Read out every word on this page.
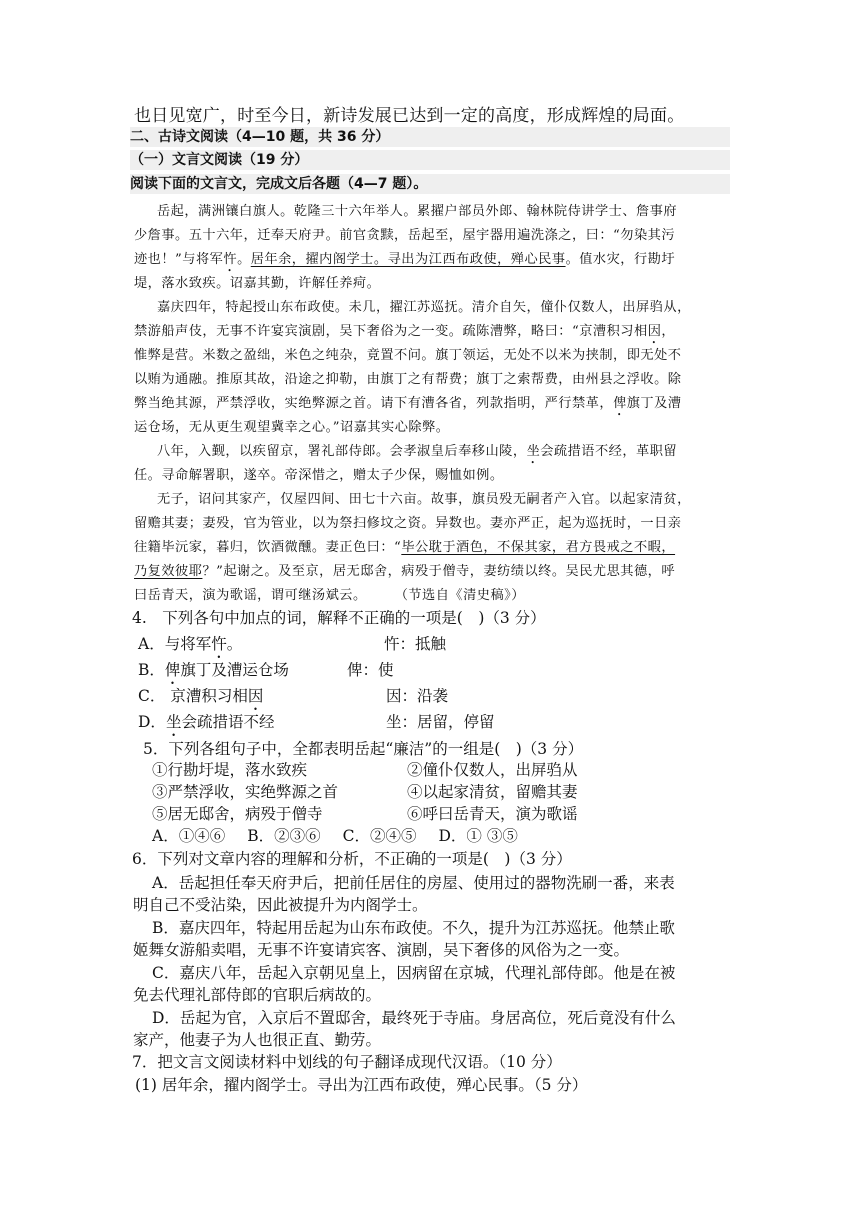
也日见宽广，时至今日，新诗发展已达到一定的高度，形成辉煌的局面。
二、古诗文阅读（4—10 题，共 36 分）
（一）文言文阅读（19 分）
阅读下面的文言文，完成文后各题（4—7 题）。
岳起，满洲镶白旗人。乾隆三十六年举人。累擢户部员外郎、翰林院侍讲学士、詹事府
少詹事。五十六年，迁奉天府尹。前官贪黩，岳起至，屋宇器用遍洗涤之，曰：“勿染其污
迹也！”与将军忤。居年余，擢内阁学士。寻出为江西布政使，殚心民事。值水灾，行勘圩
堤，落水致疾。诏嘉其勤，许解任养疴。
嘉庆四年，特起授山东布政使。未几，擢江苏巡抚。清介自矢，僮仆仅数人，出屏驺从，
禁游船声伎，无事不许宴宾演剧，吴下奢俗为之一变。疏陈漕弊，略曰：“京漕积习相因，
惟弊是营。米数之盈绌，米色之纯杂，竟置不问。旗丁领运，无处不以米为挟制，即无处不
以贿为通融。推原其故，沿途之抑勒，由旗丁之有帮费；旗丁之索帮费，由州县之浮收。除
弊当绝其源，严禁浮收，实绝弊源之首。请下有漕各省，列款指明，严行禁革，俾旗丁及漕
运仓场，无从更生观望冀幸之心。”诏嘉其实心除弊。
八年，入觐，以疾留京，署礼部侍郎。会孝淑皇后奉移山陵，坐会疏措语不经，革职留
任。寻命解署职，遂卒。帝深惜之，赠太子少保，赐恤如例。
无子，诏问其家产，仅屋四间、田七十六亩。故事，旗员殁无嗣者产入官。以起家清贫，
留赡其妻；妻殁，官为管业，以为祭扫修坟之资。异数也。妻亦严正，起为巡抚时，一日亲
往籍毕沅家，暮归，饮酒微醺。妻正色曰：“毕公耽于酒色，不保其家，君方畏戒之不暇，
乃复效彼耶？”起谢之。及至京，居无邸舍，病殁于僧寺，妻纺绩以终。吴民尤思其德，呼
曰岳青天，演为歌谣，谓可继汤斌云。 （节选自《清史稿》）
4.　下列各句中加点的词，解释不正确的一项是(　)（3 分）
A．与将军忤。	忤：抵触
B．俾旗丁及漕运仓场	俾：使
C． 京漕积习相因	因：沿袭
D．坐会疏措语不经	坐：居留，停留
5．下列各组句子中，全都表明岳起“廉洁”的一组是(　)（3 分）
①行勘圩堤，落水致疾	②僮仆仅数人，出屏驺从
③严禁浮收，实绝弊源之首	④以起家清贫，留赡其妻
⑤居无邸舍，病殁于僧寺	⑥呼曰岳青天，演为歌谣
A．①④⑥ B．②③⑥ C．②④⑤ D．① ③⑤
6．下列对文章内容的理解和分析，不正确的一项是(　)（3 分）
A．岳起担任奉天府尹后，把前任居住的房屋、使用过的器物洗刷一番，来表
明自己不受沾染，因此被提升为内阁学士。
B．嘉庆四年，特起用岳起为山东布政使。不久，提升为江苏巡抚。他禁止歌
姬舞女游船卖唱，无事不许宴请宾客、演剧，吴下奢侈的风俗为之一变。
C．嘉庆八年，岳起入京朝见皇上，因病留在京城，代理礼部侍郎。他是在被
免去代理礼部侍郎的官职后病故的。
D．岳起为官，入京后不置邸舍，最终死于寺庙。身居高位，死后竟没有什么
家产，他妻子为人也很正直、勤劳。
7．把文言文阅读材料中划线的句子翻译成现代汉语。（10 分）
(1) 居年余，擢内阁学士。寻出为江西布政使，殚心民事。（5 分）
